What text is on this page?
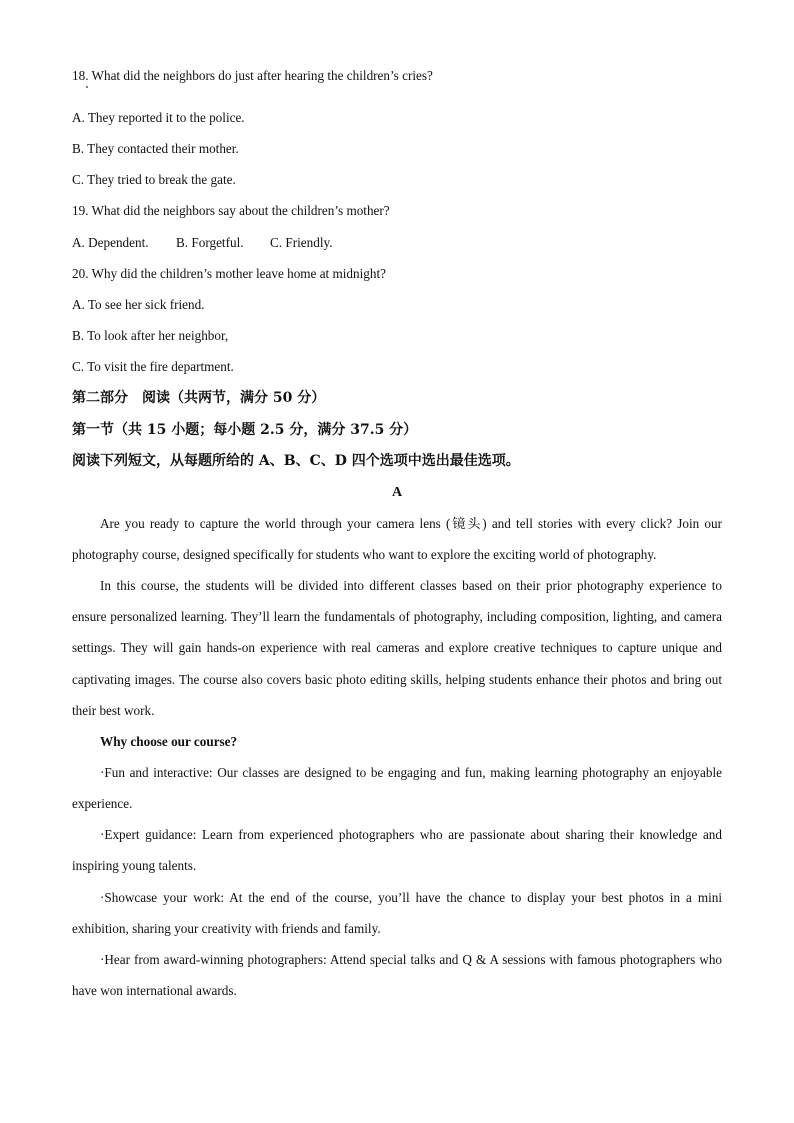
18. What did the neighbors do just after hearing the children’s cries?
A. They reported it to the police.
B. They contacted their mother.
C. They tried to break the gate.
19. What did the neighbors say about the children’s mother?
A. Dependent. B. Forgetful. C. Friendly.
20. Why did the children’s mother leave home at midnight?
A. To see her sick friend.
B. To look after her neighbor,
C. To visit the fire department.
第二部分　阅读（共两节，满分 50 分）
第一节（共 15 小题；每小题 2.5 分，满分 37.5 分）
阅读下列短文，从每题所给的 A、B、C、D 四个选项中选出最佳选项。
A

Are you ready to capture the world through your camera lens (镜头) and tell stories with every click? Join our photography course, designed specifically for students who want to explore the exciting world of photography.

In this course, the students will be divided into different classes based on their prior photography experience to ensure personalized learning. They’ll learn the fundamentals of photography, including composition, lighting, and camera settings. They will gain hands-on experience with real cameras and explore creative techniques to capture unique and captivating images. The course also covers basic photo editing skills, helping students enhance their photos and bring out their best work.

Why choose our course?

·Fun and interactive: Our classes are designed to be engaging and fun, making learning photography an enjoyable experience.

·Expert guidance: Learn from experienced photographers who are passionate about sharing their knowledge and inspiring young talents.

·Showcase your work: At the end of the course, you’ll have the chance to display your best photos in a mini exhibition, sharing your creativity with friends and family.

·Hear from award-winning photographers: Attend special talks and Q & A sessions with famous photographers who have won international awards.
